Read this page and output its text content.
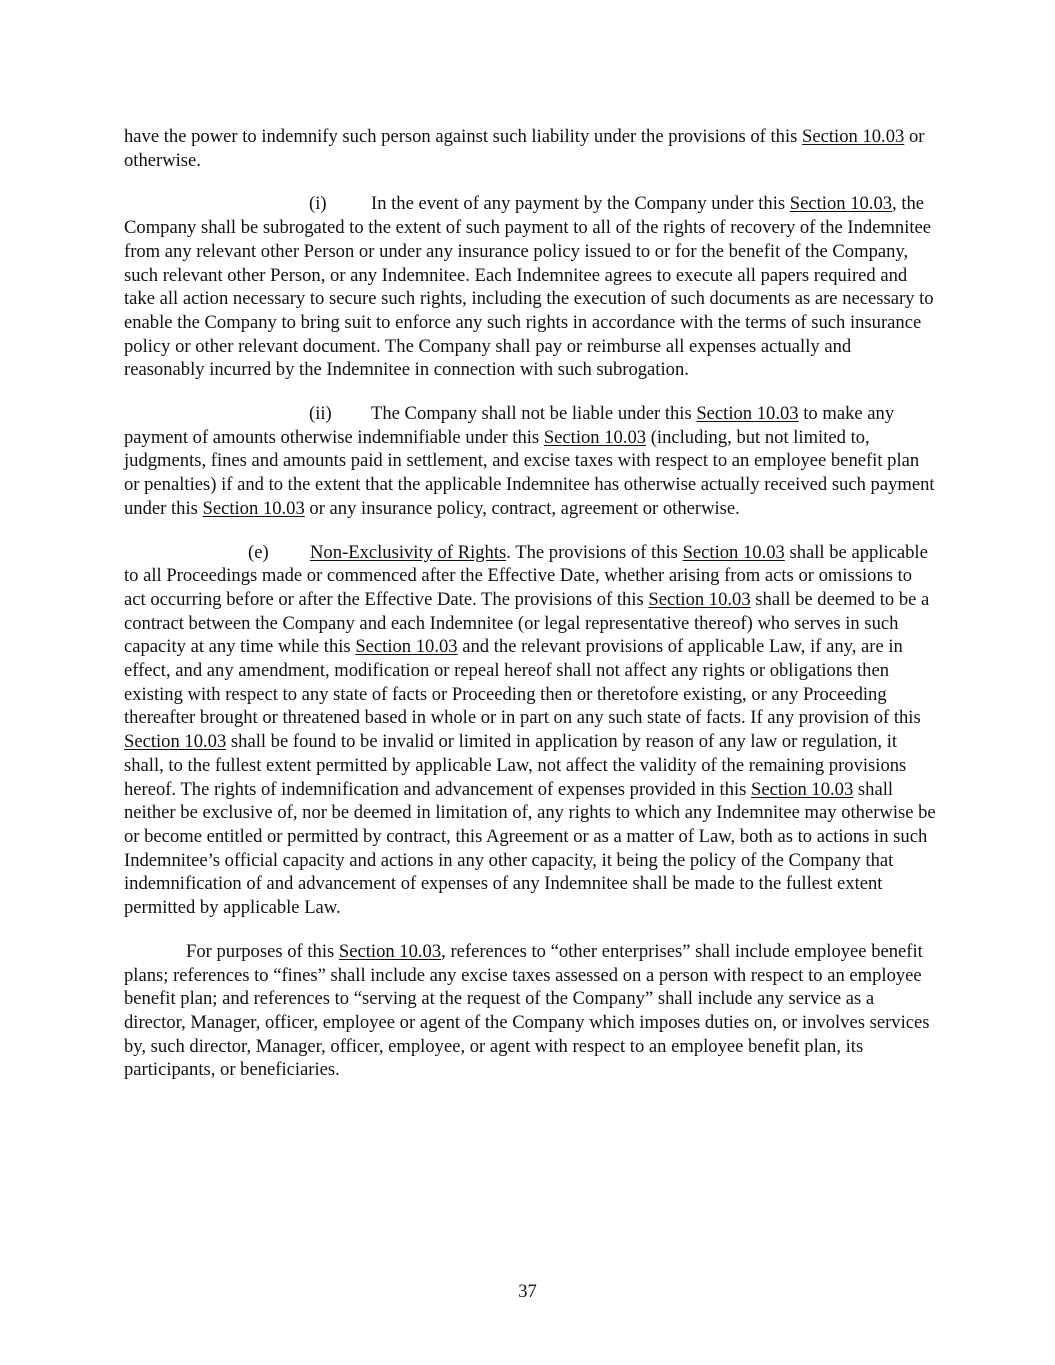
have the power to indemnify such person against such liability under the provisions of this Section 10.03 or otherwise.

(i) In the event of any payment by the Company under this Section 10.03, the Company shall be subrogated to the extent of such payment to all of the rights of recovery of the Indemnitee from any relevant other Person or under any insurance policy issued to or for the benefit of the Company, such relevant other Person, or any Indemnitee. Each Indemnitee agrees to execute all papers required and take all action necessary to secure such rights, including the execution of such documents as are necessary to enable the Company to bring suit to enforce any such rights in accordance with the terms of such insurance policy or other relevant document. The Company shall pay or reimburse all expenses actually and reasonably incurred by the Indemnitee in connection with such subrogation.

(ii) The Company shall not be liable under this Section 10.03 to make any payment of amounts otherwise indemnifiable under this Section 10.03 (including, but not limited to, judgments, fines and amounts paid in settlement, and excise taxes with respect to an employee benefit plan or penalties) if and to the extent that the applicable Indemnitee has otherwise actually received such payment under this Section 10.03 or any insurance policy, contract, agreement or otherwise.

(e) Non-Exclusivity of Rights. The provisions of this Section 10.03 shall be applicable to all Proceedings made or commenced after the Effective Date, whether arising from acts or omissions to act occurring before or after the Effective Date. The provisions of this Section 10.03 shall be deemed to be a contract between the Company and each Indemnitee (or legal representative thereof) who serves in such capacity at any time while this Section 10.03 and the relevant provisions of applicable Law, if any, are in effect, and any amendment, modification or repeal hereof shall not affect any rights or obligations then existing with respect to any state of facts or Proceeding then or theretofore existing, or any Proceeding thereafter brought or threatened based in whole or in part on any such state of facts. If any provision of this Section 10.03 shall be found to be invalid or limited in application by reason of any law or regulation, it shall, to the fullest extent permitted by applicable Law, not affect the validity of the remaining provisions hereof. The rights of indemnification and advancement of expenses provided in this Section 10.03 shall neither be exclusive of, nor be deemed in limitation of, any rights to which any Indemnitee may otherwise be or become entitled or permitted by contract, this Agreement or as a matter of Law, both as to actions in such Indemnitee’s official capacity and actions in any other capacity, it being the policy of the Company that indemnification of and advancement of expenses of any Indemnitee shall be made to the fullest extent permitted by applicable Law.

For purposes of this Section 10.03, references to “other enterprises” shall include employee benefit plans; references to “fines” shall include any excise taxes assessed on a person with respect to an employee benefit plan; and references to “serving at the request of the Company” shall include any service as a director, Manager, officer, employee or agent of the Company which imposes duties on, or involves services by, such director, Manager, officer, employee, or agent with respect to an employee benefit plan, its participants, or beneficiaries.

37
